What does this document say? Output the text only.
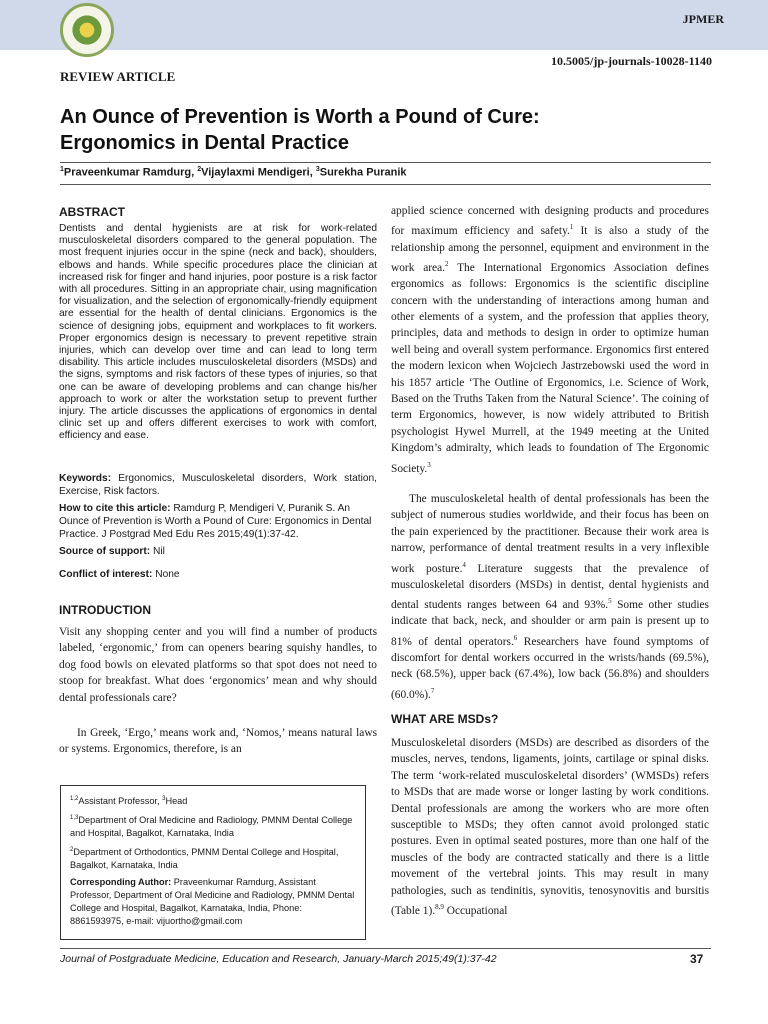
JPMER
10.5005/jp-journals-10028-1140
REVIEW ARTICLE
An Ounce of Prevention is Worth a Pound of Cure:
Ergonomics in Dental Practice
$^1$Praveenkumar Ramdurg, $^2$Vijaylaxmi Mendigeri, $^3$Surekha Puranik
ABSTRACT
Dentists and dental hygienists are at risk for work-related musculoskeletal disorders compared to the general population. The most frequent injuries occur in the spine (neck and back), shoulders, elbows and hands. While specific procedures place the clinician at increased risk for finger and hand injuries, poor posture is a risk factor with all procedures. Sitting in an appropriate chair, using magnification for visualization, and the selection of ergonomically-friendly equipment are essential for the health of dental clinicians. Ergonomics is the science of designing jobs, equipment and workplaces to fit workers. Proper ergonomics design is necessary to prevent repetitive strain injuries, which can develop over time and can lead to long term disability. This article includes musculoskeletal disorders (MSDs) and the signs, symptoms and risk factors of these types of injuries, so that one can be aware of developing problems and can change his/her approach to work or alter the workstation setup to prevent further injury. The article discusses the applications of ergonomics in dental clinic set up and offers different exercises to work with comfort, efficiency and ease.
Keywords: Ergonomics, Musculoskeletal disorders, Work station, Exercise, Risk factors.
How to cite this article: Ramdurg P, Mendigeri V, Puranik S. An Ounce of Prevention is Worth a Pound of Cure: Ergonomics in Dental Practice. J Postgrad Med Edu Res 2015;49(1):37-42.
Source of support: Nil
Conflict of interest: None
INTRODUCTION
Visit any shopping center and you will find a number of products labeled, ‘ergonomic,’ from can openers bearing squishy handles, to dog food bowls on elevated platforms so that spot does not need to stoop for breakfast. What does ‘ergonomics’ mean and why should dental professionals care?
In Greek, ‘Ergo,’ means work and, ‘Nomos,’ means natural laws or systems. Ergonomics, therefore, is an

$^{1,2}$Assistant Professor, $^3$Head

$^{1,3}$Department of Oral Medicine and Radiology, PMNM Dental College and Hospital, Bagalkot, Karnataka, India

$^2$Department of Orthodontics, PMNM Dental College and Hospital, Bagalkot, Karnataka, India

Corresponding Author: Praveenkumar Ramdurg, Assistant Professor, Department of Oral Medicine and Radiology, PMNM Dental College and Hospital, Bagalkot, Karnataka, India, Phone: 8861593975, e-mail: vijuortho@gmail.com

applied science concerned with designing products and procedures for maximum efficiency and safety.$^1$ It is also a study of the relationship among the personnel, equipment and environment in the work area.$^2$ The International Ergonomics Association defines ergonomics as follows: Ergonomics is the scientific discipline concern with the understanding of interactions among human and other elements of a system, and the profession that applies theory, principles, data and methods to design in order to optimize human well being and overall system performance. Ergonomics first entered the modern lexicon when Wojciech Jastrzebowski used the word in his 1857 article ‘The Outline of Ergonomics, i.e. Science of Work, Based on the Truths Taken from the Natural Science’. The coining of term Ergonomics, however, is now widely attributed to British psychologist Hywel Murrell, at the 1949 meeting at the United Kingdom’s admiralty, which leads to foundation of The Ergonomic Society.$^3$
The musculoskeletal health of dental professionals has been the subject of numerous studies worldwide, and their focus has been on the pain experienced by the practitioner. Because their work area is narrow, performance of dental treatment results in a very inflexible work posture.$^4$ Literature suggests that the prevalence of musculoskeletal disorders (MSDs) in dentist, dental hygienists and dental students ranges between 64 and 93%.$^5$ Some other studies indicate that back, neck, and shoulder or arm pain is present up to 81% of dental operators.$^6$ Researchers have found symptoms of discomfort for dental workers occurred in the wrists/hands (69.5%), neck (68.5%), upper back (67.4%), low back (56.8%) and shoulders (60.0%).$^7$
WHAT ARE MSDs?
Musculoskeletal disorders (MSDs) are described as disorders of the muscles, nerves, tendons, ligaments, joints, cartilage or spinal disks. The term ‘work-related musculoskeletal disorders’ (WMSDs) refers to MSDs that are made worse or longer lasting by work conditions. Dental professionals are among the workers who are more often susceptible to MSDs; they often cannot avoid prolonged static postures. Even in optimal seated postures, more than one half of the muscles of the body are contracted statically and there is a little movement of the vertebral joints. This may result in many pathologies, such as tendinitis, synovitis, tenosynovitis and bursitis (Table 1).$^{8,9}$ Occupational
Journal of Postgraduate Medicine, Education and Research, January-March 2015;49(1):37-42	37
